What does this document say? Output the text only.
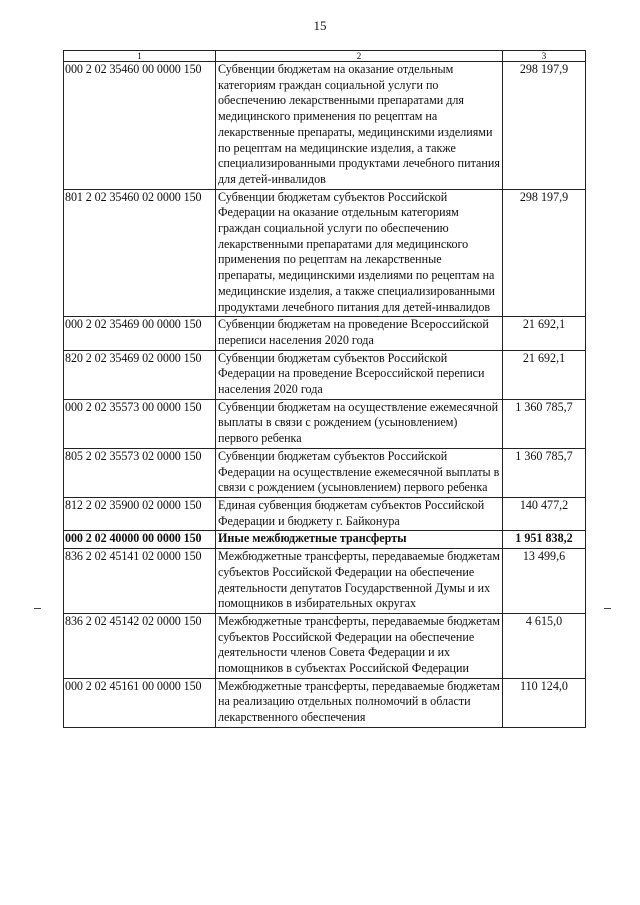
15
1	2	3
000 2 02 35460 00 0000 150	Субвенции бюджетам на оказание отдельным категориям граждан социальной услуги по обеспечению лекарственными препаратами для медицинского применения по рецептам на лекарственные препараты, медицинскими изделиями по рецептам на медицинские изделия, а также специализированными продуктами лечебного питания для детей-инвалидов	298 197,9
801 2 02 35460 02 0000 150	Субвенции бюджетам субъектов Российской Федерации на оказание отдельным категориям граждан социальной услуги по обеспечению лекарственными препаратами для медицинского применения по рецептам на лекарственные препараты, медицинскими изделиями по рецептам на медицинские изделия, а также специализированными продуктами лечебного питания для детей-инвалидов	298 197,9
000 2 02 35469 00 0000 150	Субвенции бюджетам на проведение Всероссийской переписи населения 2020 года	21 692,1
820 2 02 35469 02 0000 150	Субвенции бюджетам субъектов Российской Федерации на проведение Всероссийской переписи населения 2020 года	21 692,1
000 2 02 35573 00 0000 150	Субвенции бюджетам на осуществление ежемесячной выплаты в связи с рождением (усыновлением) первого ребенка	1 360 785,7
805 2 02 35573 02 0000 150	Субвенции бюджетам субъектов Российской Федерации на осуществление ежемесячной выплаты в связи с рождением (усыновлением) первого ребенка	1 360 785,7
812 2 02 35900 02 0000 150	Единая субвенция бюджетам субъектов Российской Федерации и бюджету г. Байконура	140 477,2
000 2 02 40000 00 0000 150	Иные межбюджетные трансферты	1 951 838,2
836 2 02 45141 02 0000 150	Межбюджетные трансферты, передаваемые бюджетам субъектов Российской Федерации на обеспечение деятельности депутатов Государственной Думы и их помощников в избирательных округах	13 499,6
836 2 02 45142 02 0000 150	Межбюджетные трансферты, передаваемые бюджетам субъектов Российской Федерации на обеспечение деятельности членов Совета Федерации и их помощников в субъектах Российской Федерации	4 615,0
000 2 02 45161 00 0000 150	Межбюджетные трансферты, передаваемые бюджетам на реализацию отдельных полномочий в области лекарственного обеспечения	110 124,0
